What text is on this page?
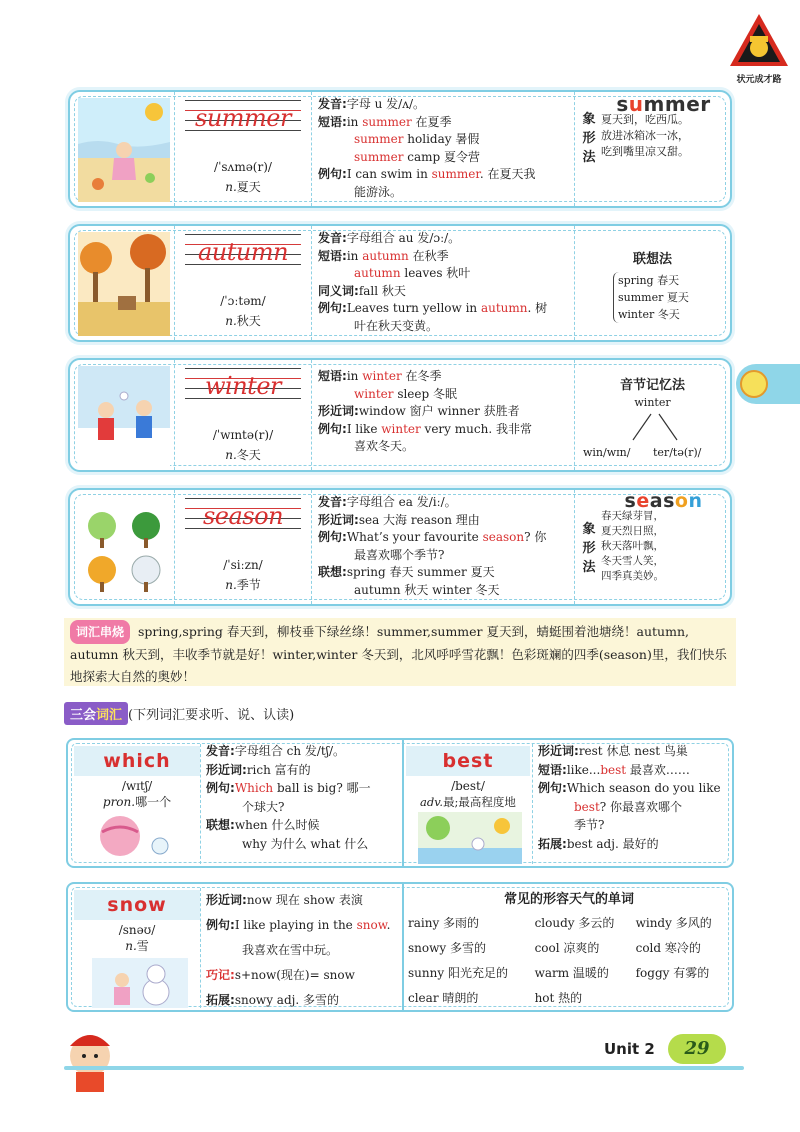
状元成才路
summer
/ˈsʌmə(r)/
n.夏天
发音:字母 u 发/ʌ/。
短语:in summer 在夏季
summer holiday 暑假
summer camp 夏令营
例句:I can swim in summer. 在夏天我
能游泳。
象形法
summer
夏天到，吃西瓜。
放进冰箱冰一冰，
吃到嘴里凉又甜。
autumn
/ˈɔːtəm/
n.秋天
发音:字母组合 au 发/ɔː/。
短语:in autumn 在秋季
autumn leaves 秋叶
同义词:fall 秋天
例句:Leaves turn yellow in autumn. 树
叶在秋天变黄。
联想法
spring 春天
summer 夏天
winter 冬天
winter
/ˈwɪntə(r)/
n.冬天
短语:in winter 在冬季
winter sleep 冬眠
形近词:window 窗户 winner 获胜者
例句:I like winter very much. 我非常
喜欢冬天。
音节记忆法
winter
win/wɪn/ ter/tə(r)/
season
/ˈsiːzn/
n.季节
发音:字母组合 ea 发/iː/。
形近词:sea 大海 reason 理由
例句:What’s your favourite season? 你
最喜欢哪个季节?
联想:spring 春天 summer 夏天
autumn 秋天 winter 冬天
象形法
season
春天绿芽冒，
夏天烈日照，
秋天落叶飘，
冬天雪人笑，
四季真美妙。
词汇串烧 spring,spring 春天到，柳枝垂下绿丝绦！summer,summer 夏天到，蜻蜓围着池塘绕！autumn, autumn 秋天到，丰收季节就是好！winter,winter 冬天到，北风呼呼雪花飘！色彩斑斓的四季(season)里，我们快乐地探索大自然的奥妙！
三会词汇 (下列词汇要求听、说、认读)
which
/wɪtʃ/
pron.哪一个
发音:字母组合 ch 发/tʃ/。
形近词:rich 富有的
例句:Which ball is big? 哪一
个球大?
联想:when 什么时候
why 为什么 what 什么
best
/best/
adv.最;最高程度地
形近词:rest 休息 nest 鸟巢
短语:like...best 最喜欢……
例句:Which season do you like
best? 你最喜欢哪个
季节?
拓展:best adj. 最好的
snow
/snəʊ/
n.雪
形近词:now 现在 show 表演
例句:I like playing in the snow.
我喜欢在雪中玩。
巧记:s+now(现在)= snow
拓展:snowy adj. 多雪的
常见的形容天气的单词
rainy 多雨的	cloudy 多云的	windy 多风的
snowy 多雪的	cool 凉爽的	cold 寒冷的
sunny 阳光充足的	warm 温暖的	foggy 有雾的
clear 晴朗的	hot 热的	
Unit 2	29
